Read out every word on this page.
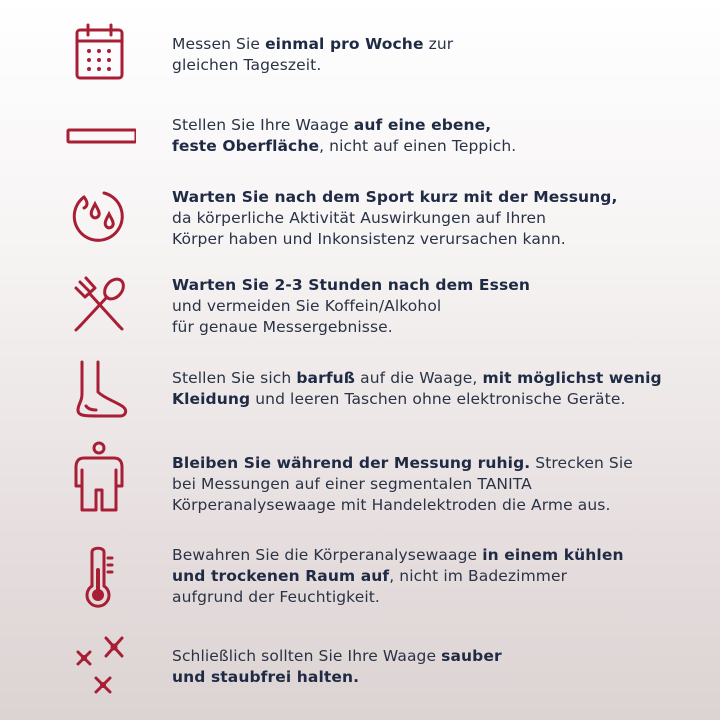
Messen Sie einmal pro Woche zur
gleichen Tageszeit.
Stellen Sie Ihre Waage auf eine ebene,
feste Oberfläche, nicht auf einen Teppich.
Warten Sie nach dem Sport kurz mit der Messung,
da körperliche Aktivität Auswirkungen auf Ihren
Körper haben und Inkonsistenz verursachen kann.
Warten Sie 2-3 Stunden nach dem Essen
und vermeiden Sie Koffein/Alkohol
für genaue Messergebnisse.
Stellen Sie sich barfuß auf die Waage, mit möglichst wenig
Kleidung und leeren Taschen ohne elektronische Geräte.
Bleiben Sie während der Messung ruhig. Strecken Sie
bei Messungen auf einer segmentalen TANITA
Körperanalysewaage mit Handelektroden die Arme aus.
Bewahren Sie die Körperanalysewaage in einem kühlen
und trockenen Raum auf, nicht im Badezimmer
aufgrund der Feuchtigkeit.
Schließlich sollten Sie Ihre Waage sauber
und staubfrei halten.
